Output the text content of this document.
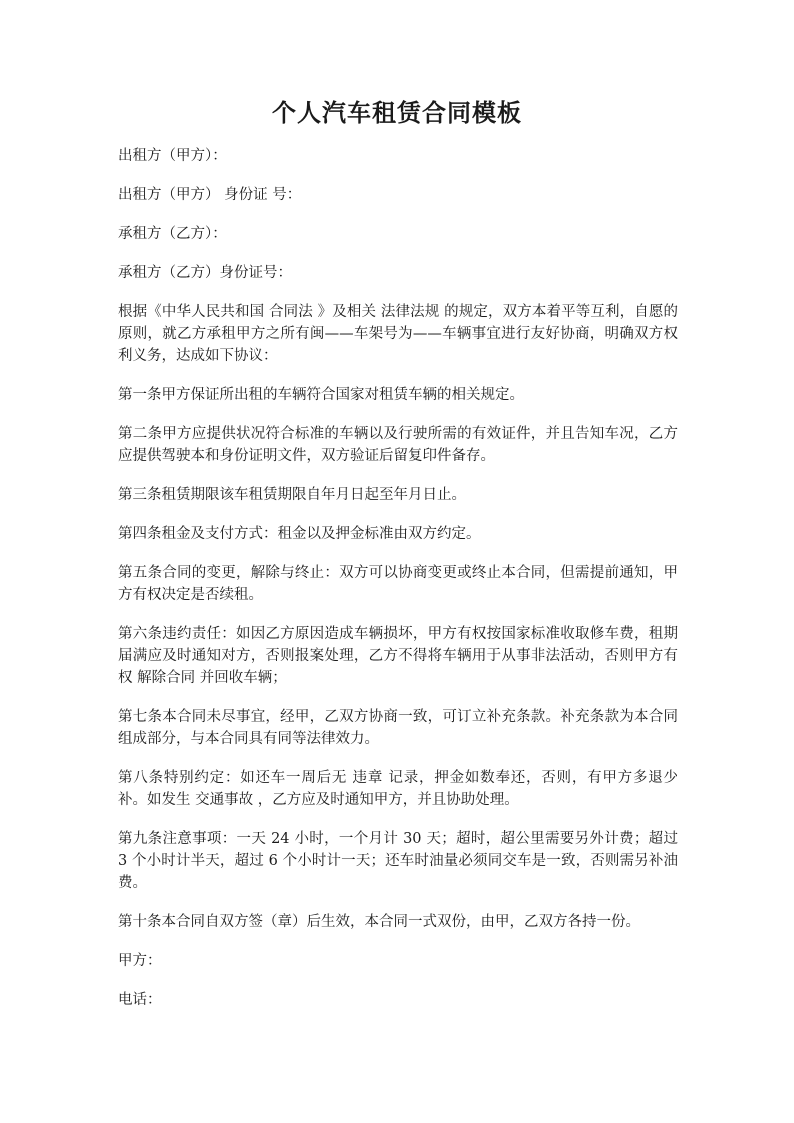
个人汽车租赁合同模板

出租方（甲方）：

出租方（甲方） 身份证 号：

承租方（乙方）：

承租方（乙方）身份证号：

根据《中华人民共和国 合同法 》及相关 法律法规 的规定，双方本着平等互利，自愿的原则，就乙方承租甲方之所有闽——车架号为——车辆事宜进行友好协商，明确双方权利义务，达成如下协议：

第一条甲方保证所出租的车辆符合国家对租赁车辆的相关规定。

第二条甲方应提供状况符合标准的车辆以及行驶所需的有效证件，并且告知车况，乙方应提供驾驶本和身份证明文件，双方验证后留复印件备存。

第三条租赁期限该车租赁期限自年月日起至年月日止。

第四条租金及支付方式：租金以及押金标准由双方约定。

第五条合同的变更，解除与终止：双方可以协商变更或终止本合同，但需提前通知，甲方有权决定是否续租。

第六条违约责任：如因乙方原因造成车辆损坏，甲方有权按国家标准收取修车费，租期届满应及时通知对方，否则报案处理，乙方不得将车辆用于从事非法活动，否则甲方有权 解除合同 并回收车辆；

第七条本合同未尽事宜，经甲，乙双方协商一致，可订立补充条款。补充条款为本合同组成部分，与本合同具有同等法律效力。

第八条特别约定：如还车一周后无 违章 记录，押金如数奉还，否则，有甲方多退少补。如发生 交通事故 ，乙方应及时通知甲方，并且协助处理。

第九条注意事项：一天 24 小时，一个月计 30 天；超时，超公里需要另外计费；超过 3 个小时计半天，超过 6 个小时计一天；还车时油量必须同交车是一致，否则需另补油费。

第十条本合同自双方签（章）后生效，本合同一式双份，由甲，乙双方各持一份。

甲方：

电话：
